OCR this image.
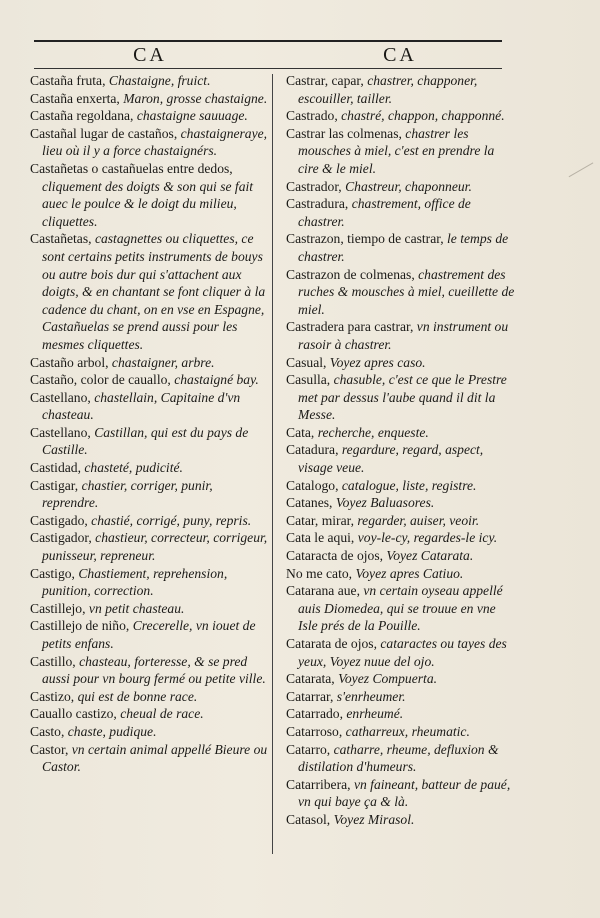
CA	CA

Castaña fruta, Chastaigne, fruict.

Castaña enxerta, Maron, grosse chastaigne.

Castaña regoldana, chastaigne sauuage.

Castañal lugar de castaños, chastaigneraye, lieu où il y a force chastaignérs.

Castañetas o castañuelas entre dedos, cliquement des doigts & son qui se fait auec le poulce & le doigt du milieu, cliquettes.

Castañetas, castagnettes ou cliquettes, ce sont certains petits instruments de bouys ou autre bois dur qui s'attachent aux doigts, & en chantant se font cliquer à la cadence du chant, on en vse en Espagne, Castañuelas se prend aussi pour les mesmes cliquettes.

Castaño arbol, chastaigner, arbre.

Castaño, color de cauallo, chastaigné bay.

Castellano, chastellain, Capitaine d'vn chasteau.

Castellano, Castillan, qui est du pays de Castille.

Castidad, chasteté, pudicité.

Castigar, chastier, corriger, punir, reprendre.

Castigado, chastié, corrigé, puny, repris.

Castigador, chastieur, correcteur, corrigeur, punisseur, repreneur.

Castigo, Chastiement, reprehension, punition, correction.

Castillejo, vn petit chasteau.

Castillejo de niño, Crecerelle, vn iouet de petits enfans.

Castillo, chasteau, forteresse, & se pred aussi pour vn bourg fermé ou petite ville.

Castizo, qui est de bonne race.

Cauallo castizo, cheual de race.

Casto, chaste, pudique.

Castor, vn certain animal appellé Bieure ou Castor.

Castrar, capar, chastrer, chapponer, escouiller, tailler.

Castrado, chastré, chappon, chapponné.

Castrar las colmenas, chastrer les mousches à miel, c'est en prendre la cire & le miel.

Castrador, Chastreur, chaponneur.

Castradura, chastrement, office de chastrer.

Castrazon, tiempo de castrar, le temps de chastrer.

Castrazon de colmenas, chastrement des ruches & mousches à miel, cueillette de miel.

Castradera para castrar, vn instrument ou rasoir à chastrer.

Casual, Voyez apres caso.

Casulla, chasuble, c'est ce que le Prestre met par dessus l'aube quand il dit la Messe.

Cata, recherche, enqueste.

Catadura, regardure, regard, aspect, visage veue.

Catalogo, catalogue, liste, registre.

Catanes, Voyez Baluasores.

Catar, mirar, regarder, auiser, veoir.

Cata le aqui, voy-le-cy, regardes-le icy.

Cataracta de ojos, Voyez Catarata.

No me cato, Voyez apres Catiuo.

Catarana aue, vn certain oyseau appellé auis Diomedea, qui se trouue en vne Isle prés de la Pouille.

Catarata de ojos, cataractes ou tayes des yeux, Voyez nuue del ojo.

Catarata, Voyez Compuerta.

Catarrar, s'enrheumer.

Catarrado, enrheumé.

Catarroso, catharreux, rheumatic.

Catarro, catharre, rheume, defluxion & distilation d'humeurs.

Catarribera, vn faineant, batteur de paué, vn qui baye ça & là.

Catasol, Voyez Mirasol.
